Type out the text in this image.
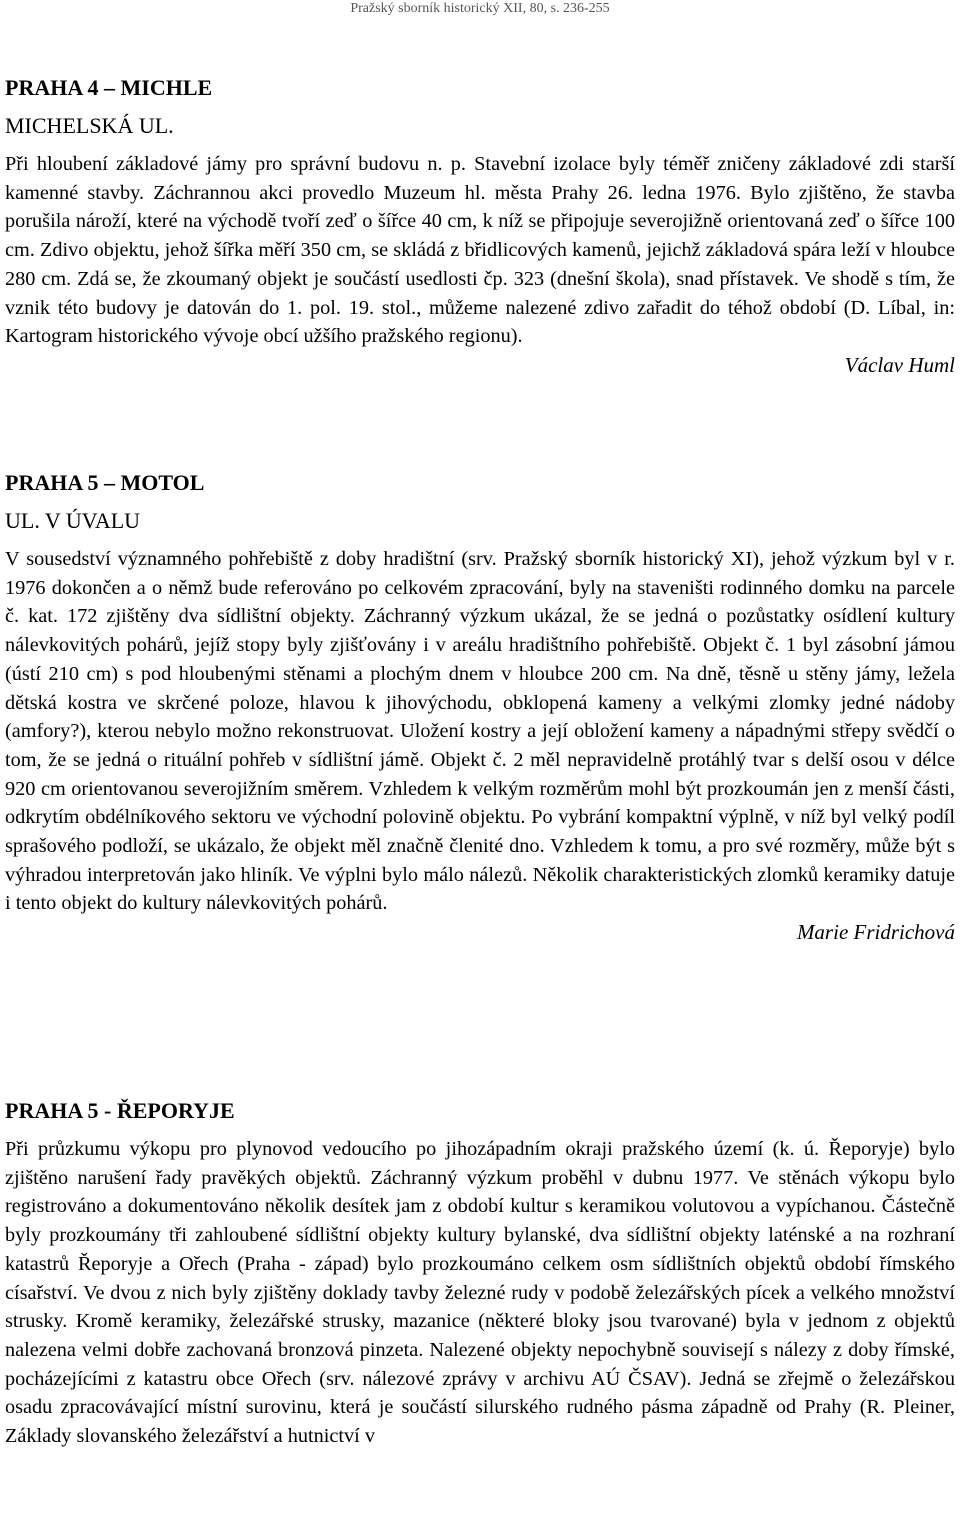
Pražský sborník historický XII, 80, s. 236-255
PRAHA 4 – MICHLE
MICHELSKÁ UL.

Při hloubení základové jámy pro správní budovu n. p. Stavební izolace byly téměř zničeny základové zdi starší kamenné stavby. Záchrannou akci provedlo Muzeum hl. města Prahy 26. ledna 1976. Bylo zjištěno, že stavba porušila nároží, které na východě tvoří zeď o šířce 40 cm, k níž se připojuje severojižně orientovaná zeď o šířce 100 cm. Zdivo objektu, jehož šířka měří 350 cm, se skládá z břidlicových kamenů, jejichž základová spára leží v hloubce 280 cm. Zdá se, že zkoumaný objekt je součástí usedlosti čp. 323 (dnešní škola), snad přístavek. Ve shodě s tím, že vznik této budovy je datován do 1. pol. 19. stol., můžeme nalezené zdivo zařadit do téhož období (D. Líbal, in: Kartogram historického vývoje obcí užšího pražského regionu).

Václav Huml
PRAHA 5 – MOTOL
UL. V ÚVALU

V sousedství významného pohřebiště z doby hradištní (srv. Pražský sborník historický XI), jehož výzkum byl v r. 1976 dokončen a o němž bude referováno po celkovém zpracování, byly na staveništi rodinného domku na parcele č. kat. 172 zjištěny dva sídlištní objekty. Záchranný výzkum ukázal, že se jedná o pozůstatky osídlení kultury nálevkovitých pohárů, jejíž stopy byly zjišťovány i v areálu hradištního pohřebiště. Objekt č. 1 byl zásobní jámou (ústí 210 cm) s pod hloubenými stěnami a plochým dnem v hloubce 200 cm. Na dně, těsně u stěny jámy, ležela dětská kostra ve skrčené poloze, hlavou k jihovýchodu, obklopená kameny a velkými zlomky jedné nádoby (amfory?), kterou nebylo možno rekonstruovat. Uložení kostry a její obložení kameny a nápadnými střepy svědčí o tom, že se jedná o rituální pohřeb v sídlištní jámě. Objekt č. 2 měl nepravidelně protáhlý tvar s delší osou v délce 920 cm orientovanou severojižním směrem. Vzhledem k velkým rozměrům mohl být prozkoumán jen z menší části, odkrytím obdélníkového sektoru ve východní polovině objektu. Po vybrání kompaktní výplně, v níž byl velký podíl sprašového podloží, se ukázalo, že objekt měl značně členité dno. Vzhledem k tomu, a pro své rozměry, může být s výhradou interpretován jako hliník. Ve výplni bylo málo nálezů. Několik charakteristických zlomků keramiky datuje i tento objekt do kultury nálevkovitých pohárů.

Marie Fridrichová
PRAHA 5 - ŘEPORYJE

Při průzkumu výkopu pro plynovod vedoucího po jihozápadním okraji pražského území (k. ú. Řeporyje) bylo zjištěno narušení řady pravěkých objektů. Záchranný výzkum proběhl v dubnu 1977. Ve stěnách výkopu bylo registrováno a dokumentováno několik desítek jam z období kultur s keramikou volutovou a vypíchanou. Částečně byly prozkoumány tři zahloubené sídlištní objekty kultury bylanské, dva sídlištní objekty laténské a na rozhraní katastrů Řeporyje a Ořech (Praha - západ) bylo prozkoumáno celkem osm sídlištních objektů období římského císařství. Ve dvou z nich byly zjištěny doklady tavby železné rudy v podobě železářských pícek a velkého množství strusky. Kromě keramiky, železářské strusky, mazanice (některé bloky jsou tvarované) byla v jednom z objektů nalezena velmi dobře zachovaná bronzová pinzeta. Nalezené objekty nepochybně souvisejí s nálezy z doby římské, pocházejícími z katastru obce Ořech (srv. nálezové zprávy v archivu AÚ ČSAV). Jedná se zřejmě o železářskou osadu zpracovávající místní surovinu, která je součástí silurského rudného pásma západně od Prahy (R. Pleiner, Základy slovanského železářství a hutnictví v
